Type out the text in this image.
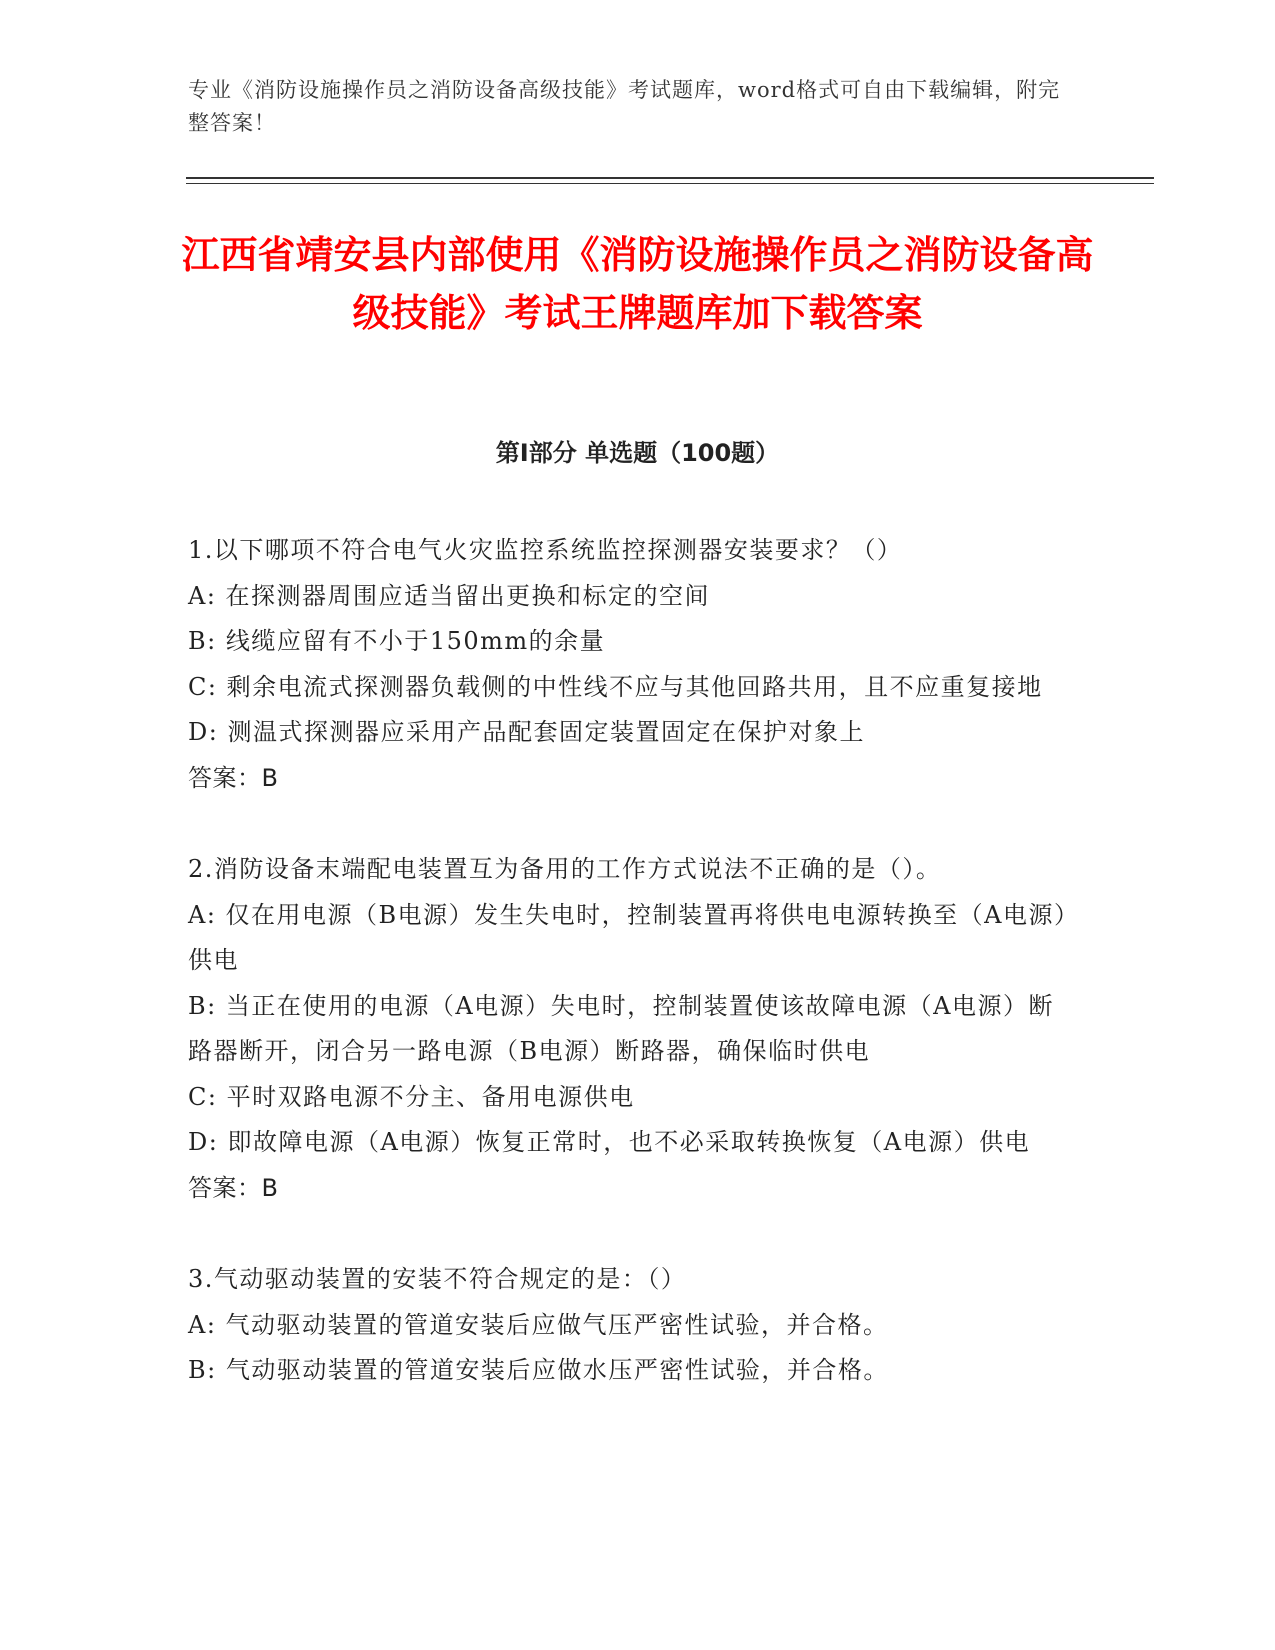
专业《消防设施操作员之消防设备高级技能》考试题库，word格式可自由下载编辑，附完整答案！
江西省靖安县内部使用《消防设施操作员之消防设备高级技能》考试王牌题库加下载答案
第I部分 单选题（100题）
1.以下哪项不符合电气火灾监控系统监控探测器安装要求？（）
A: 在探测器周围应适当留出更换和标定的空间
B: 线缆应留有不小于150mm的余量
C: 剩余电流式探测器负载侧的中性线不应与其他回路共用，且不应重复接地
D: 测温式探测器应采用产品配套固定装置固定在保护对象上
答案：B
2.消防设备末端配电装置互为备用的工作方式说法不正确的是（）。
A: 仅在用电源（B电源）发生失电时，控制装置再将供电电源转换至（A电源）供电
B: 当正在使用的电源（A电源）失电时，控制装置使该故障电源（A电源）断路器断开，闭合另一路电源（B电源）断路器，确保临时供电
C: 平时双路电源不分主、备用电源供电
D: 即故障电源（A电源）恢复正常时，也不必采取转换恢复（A电源）供电
答案：B
3.气动驱动装置的安装不符合规定的是：（）
A: 气动驱动装置的管道安装后应做气压严密性试验，并合格。
B: 气动驱动装置的管道安装后应做水压严密性试验，并合格。
